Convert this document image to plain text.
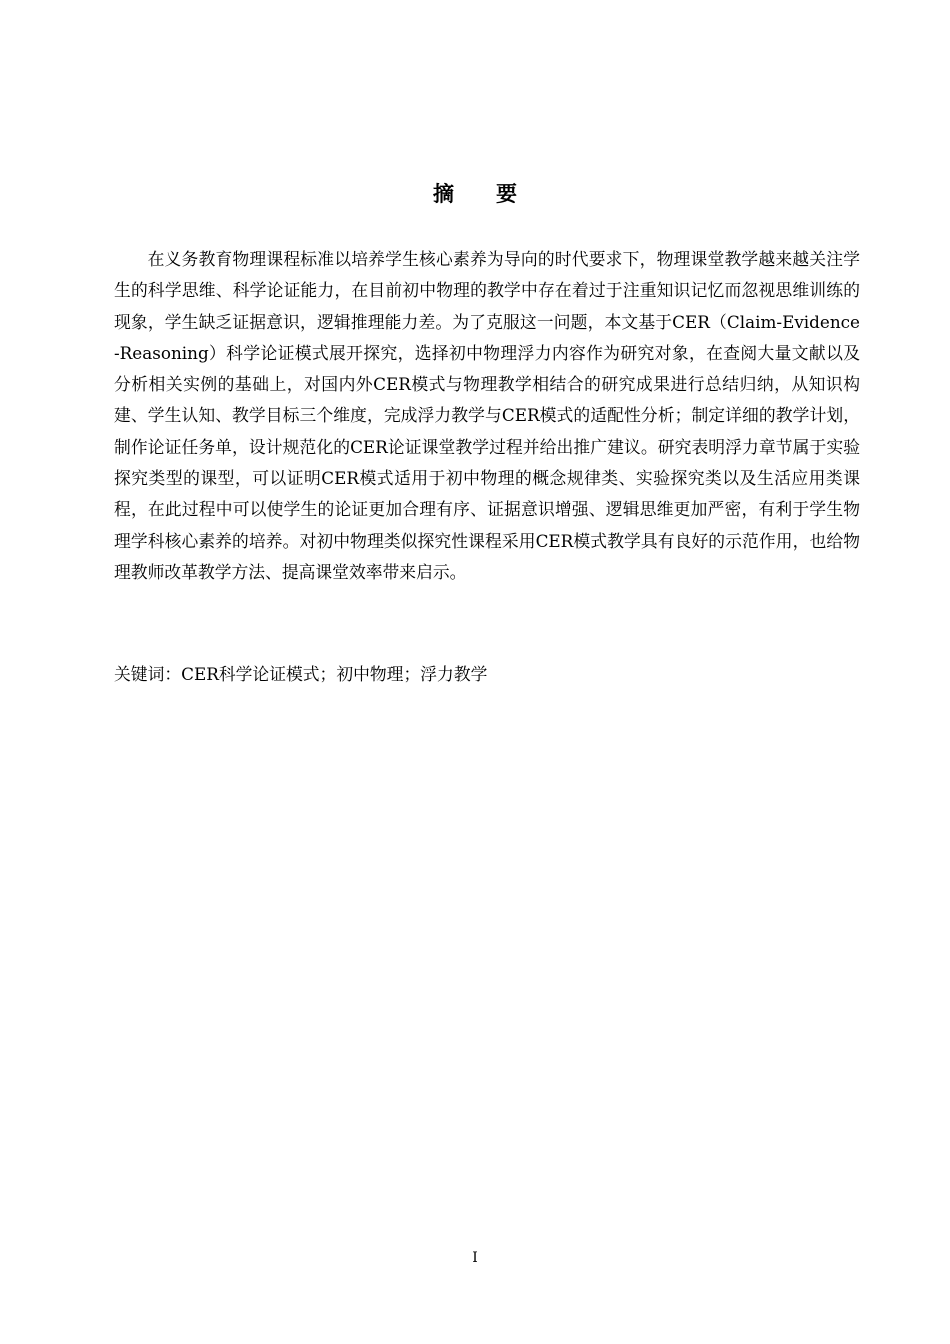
摘 要

在义务教育物理课程标准以培养学生核心素养为导向的时代要求下，物理课堂教学越来越关注学生的科学思维、科学论证能力，在目前初中物理的教学中存在着过于注重知识记忆而忽视思维训练的现象，学生缺乏证据意识，逻辑推理能力差。为了克服这一问题，本文基于CER（Claim-Evidence-Reasoning）科学论证模式展开探究，选择初中物理浮力内容作为研究对象，在查阅大量文献以及分析相关实例的基础上，对国内外CER模式与物理教学相结合的研究成果进行总结归纳，从知识构建、学生认知、教学目标三个维度，完成浮力教学与CER模式的适配性分析；制定详细的教学计划，制作论证任务单，设计规范化的CER论证课堂教学过程并给出推广建议。研究表明浮力章节属于实验探究类型的课型，可以证明CER模式适用于初中物理的概念规律类、实验探究类以及生活应用类课程，在此过程中可以使学生的论证更加合理有序、证据意识增强、逻辑思维更加严密，有利于学生物理学科核心素养的培养。对初中物理类似探究性课程采用CER模式教学具有良好的示范作用，也给物理教师改革教学方法、提高课堂效率带来启示。

关键词：CER科学论证模式；初中物理；浮力教学

I
